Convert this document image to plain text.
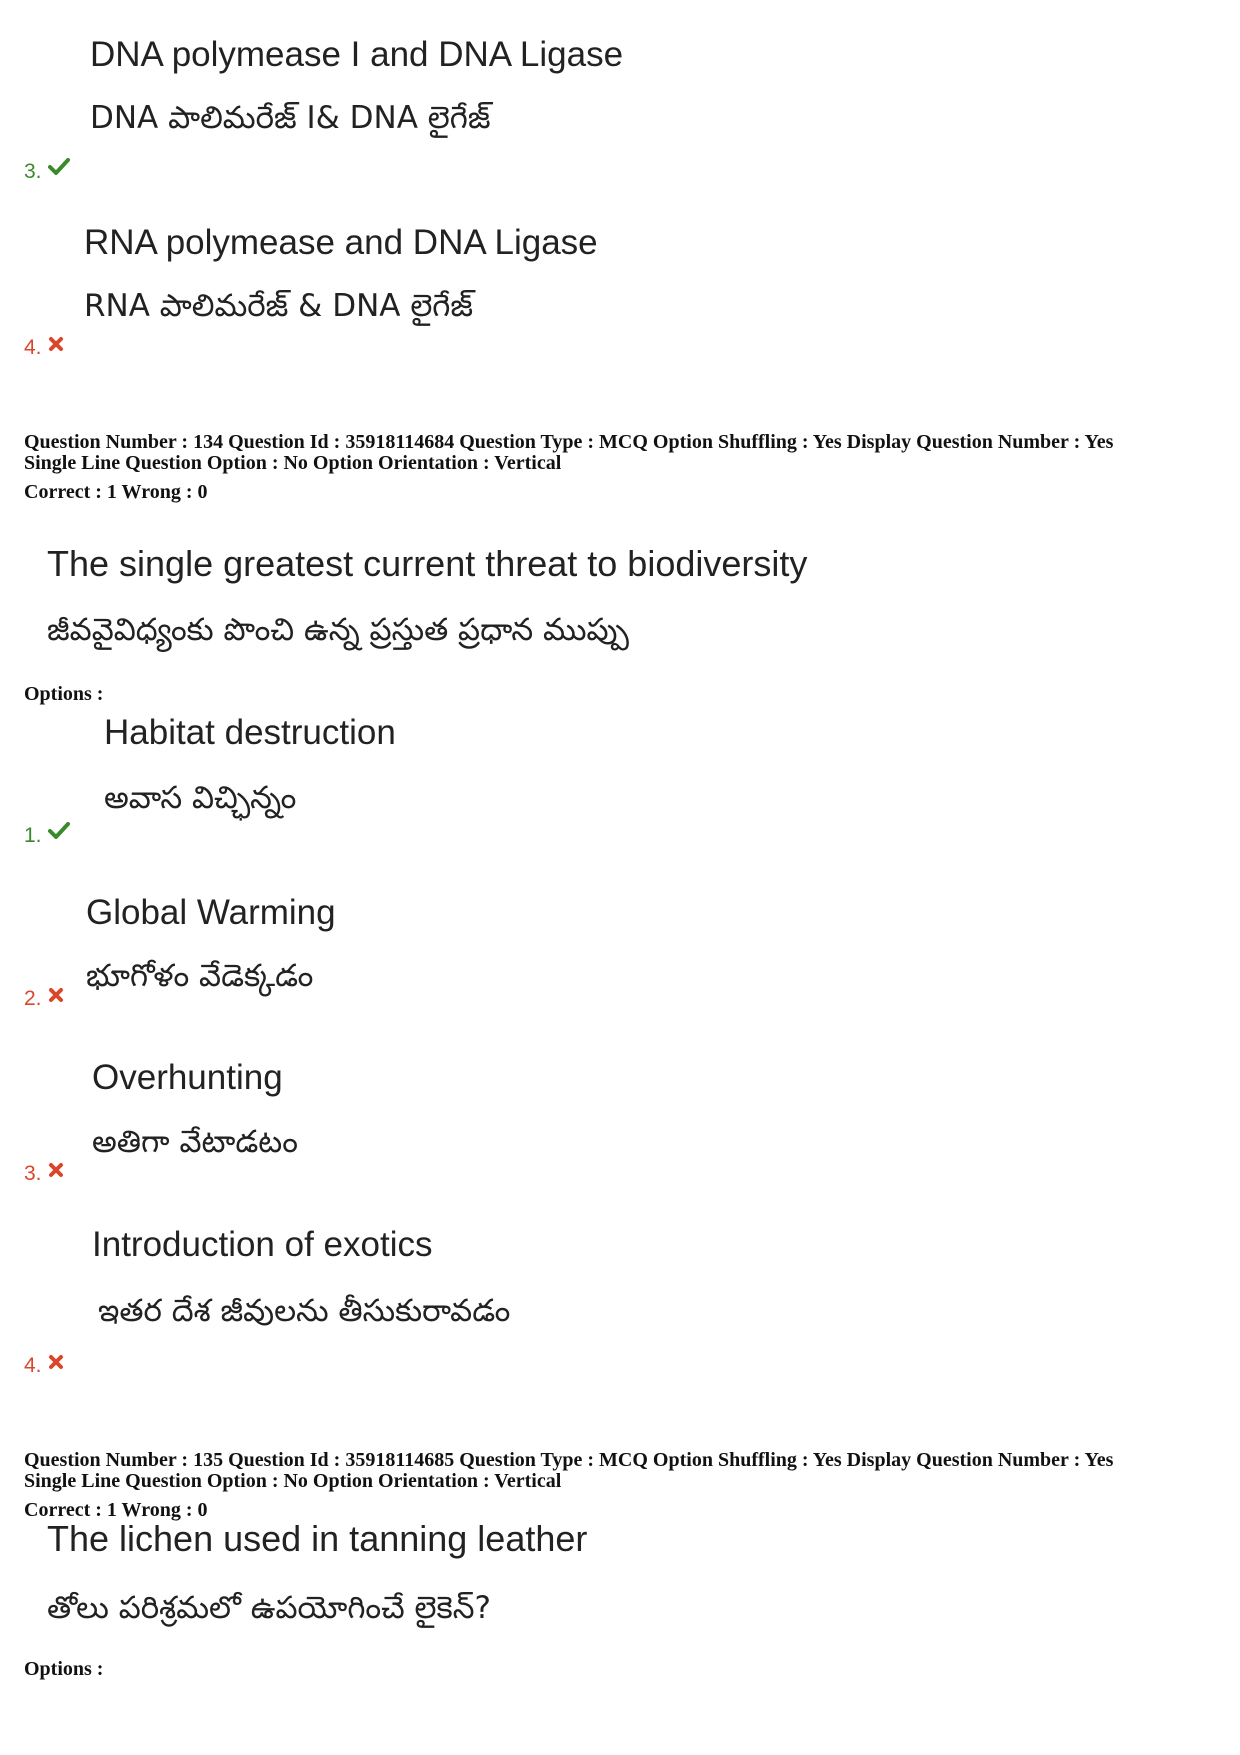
DNA polymease I and DNA Ligase
DNA పాలిమరేజ్ I& DNA లైగేజ్
3.
RNA polymease and DNA Ligase
RNA పాలిమరేజ్ & DNA లైగేజ్
4.
Question Number : 134 Question Id : 35918114684 Question Type : MCQ Option Shuffling : Yes Display Question Number : Yes
Single Line Question Option : No Option Orientation : Vertical
Correct : 1 Wrong : 0
The single greatest current threat to biodiversity
జీవవైవిధ్యంకు పొంచి ఉన్న ప్రస్తుత ప్రధాన ముప్పు
Options :
Habitat destruction
అవాస విచ్ఛిన్నం
1.
Global Warming
భూగోళం వేడెక్కడం
2.
Overhunting
అతిగా వేటాడటం
3.
Introduction of exotics
ఇతర దేశ జీవులను తీసుకురావడం
4.
Question Number : 135 Question Id : 35918114685 Question Type : MCQ Option Shuffling : Yes Display Question Number : Yes
Single Line Question Option : No Option Orientation : Vertical
Correct : 1 Wrong : 0
The lichen used in tanning leather
తోలు పరిశ్రమలో ఉపయోగించే లైకెన్?
Options :
